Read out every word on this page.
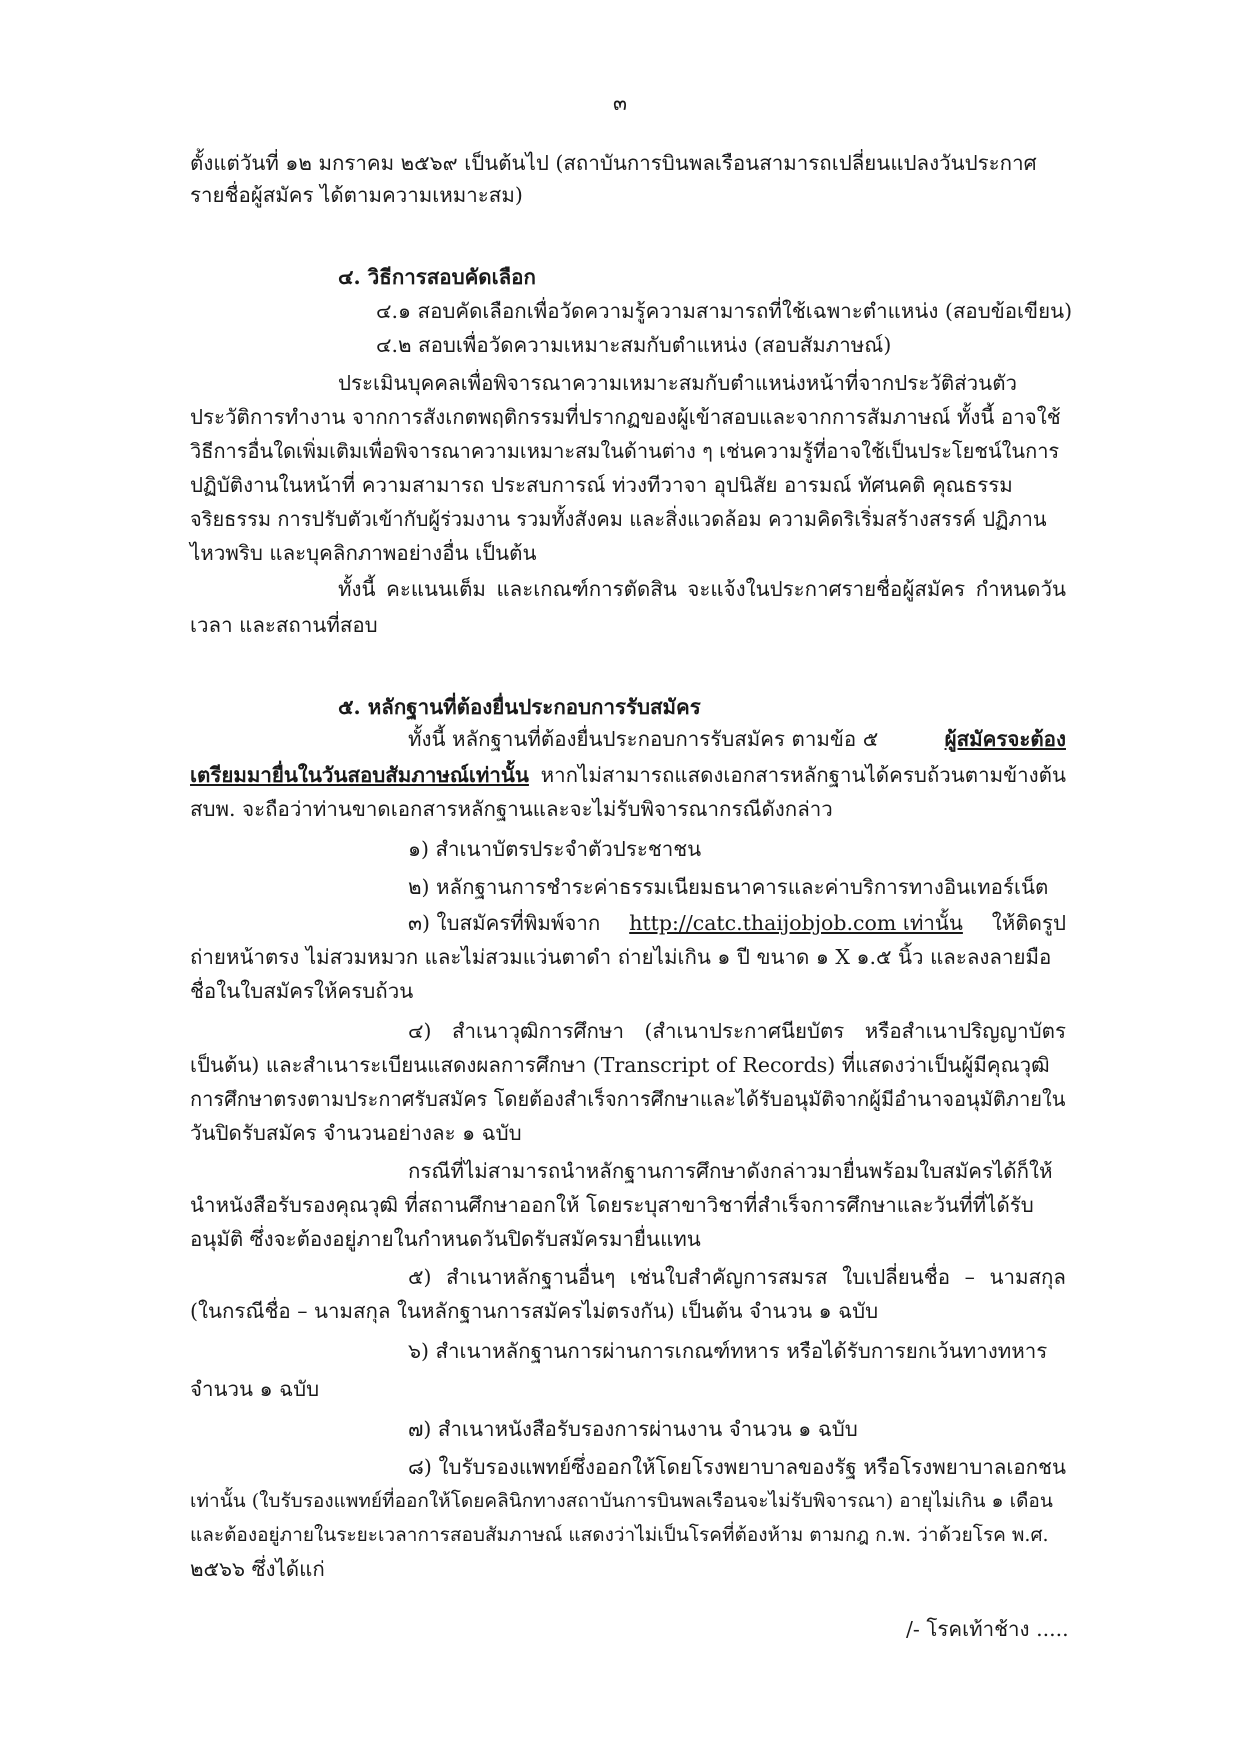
๓
ตั้งแต่วันที่ ๑๒ มกราคม ๒๕๖๙ เป็นต้นไป (สถาบันการบินพลเรือนสามารถเปลี่ยนแปลงวันประกาศ
รายชื่อผู้สมัคร ได้ตามความเหมาะสม)
๔. วิธีการสอบคัดเลือก
๔.๑ สอบคัดเลือกเพื่อวัดความรู้ความสามารถที่ใช้เฉพาะตำแหน่ง (สอบข้อเขียน)
๔.๒ สอบเพื่อวัดความเหมาะสมกับตำแหน่ง (สอบสัมภาษณ์)
ประเมินบุคคลเพื่อพิจารณาความเหมาะสมกับตำแหน่งหน้าที่จากประวัติส่วนตัว
ประวัติการทำงาน จากการสังเกตพฤติกรรมที่ปรากฏของผู้เข้าสอบและจากการสัมภาษณ์ ทั้งนี้ อาจใช้
วิธีการอื่นใดเพิ่มเติมเพื่อพิจารณาความเหมาะสมในด้านต่าง ๆ เช่นความรู้ที่อาจใช้เป็นประโยชน์ในการ
ปฏิบัติงานในหน้าที่ ความสามารถ ประสบการณ์ ท่วงทีวาจา อุปนิสัย อารมณ์ ทัศนคติ คุณธรรม
จริยธรรม การปรับตัวเข้ากับผู้ร่วมงาน รวมทั้งสังคม และสิ่งแวดล้อม ความคิดริเริ่มสร้างสรรค์ ปฏิภาน
ไหวพริบ และบุคลิกภาพอย่างอื่น เป็นต้น
ทั้งนี้ คะแนนเต็ม และเกณฑ์การตัดสิน จะแจ้งในประกาศรายชื่อผู้สมัคร กำหนดวัน
เวลา และสถานที่สอบ
๕. หลักฐานที่ต้องยื่นประกอบการรับสมัคร
ทั้งนี้ หลักฐานที่ต้องยื่นประกอบการรับสมัคร ตามข้อ ๕	ผู้สมัครจะต้อง
เตรียมมายื่นในวันสอบสัมภาษณ์เท่านั้น หากไม่สามารถแสดงเอกสารหลักฐานได้ครบถ้วนตามข้างต้น
สบพ. จะถือว่าท่านขาดเอกสารหลักฐานและจะไม่รับพิจารณากรณีดังกล่าว
๑) สำเนาบัตรประจำตัวประชาชน
๒) หลักฐานการชำระค่าธรรมเนียมธนาคารและค่าบริการทางอินเทอร์เน็ต
๓) ใบสมัครที่พิมพ์จาก http://catc.thaijobjob.com เท่านั้น ให้ติดรูป
ถ่ายหน้าตรง ไม่สวมหมวก และไม่สวมแว่นตาดำ ถ่ายไม่เกิน ๑ ปี ขนาด ๑ X ๑.๕ นิ้ว และลงลายมือ
ชื่อในใบสมัครให้ครบถ้วน
๔) สำเนาวุฒิการศึกษา (สำเนาประกาศนียบัตร หรือสำเนาปริญญาบัตร
เป็นต้น) และสำเนาระเบียนแสดงผลการศึกษา (Transcript of Records) ที่แสดงว่าเป็นผู้มีคุณวุฒิ
การศึกษาตรงตามประกาศรับสมัคร โดยต้องสำเร็จการศึกษาและได้รับอนุมัติจากผู้มีอำนาจอนุมัติภายใน
วันปิดรับสมัคร จำนวนอย่างละ ๑ ฉบับ
กรณีที่ไม่สามารถนำหลักฐานการศึกษาดังกล่าวมายื่นพร้อมใบสมัครได้ก็ให้
นำหนังสือรับรองคุณวุฒิ ที่สถานศึกษาออกให้ โดยระบุสาขาวิชาที่สำเร็จการศึกษาและวันที่ที่ได้รับ
อนุมัติ ซึ่งจะต้องอยู่ภายในกำหนดวันปิดรับสมัครมายื่นแทน
๕) สำเนาหลักฐานอื่นๆ เช่นใบสำคัญการสมรส ใบเปลี่ยนชื่อ – นามสกุล
(ในกรณีชื่อ – นามสกุล ในหลักฐานการสมัครไม่ตรงกัน) เป็นต้น จำนวน ๑ ฉบับ
๖) สำเนาหลักฐานการผ่านการเกณฑ์ทหาร หรือได้รับการยกเว้นทางทหาร
จำนวน ๑ ฉบับ
๗) สำเนาหนังสือรับรองการผ่านงาน จำนวน ๑ ฉบับ
๘) ใบรับรองแพทย์ซึ่งออกให้โดยโรงพยาบาลของรัฐ หรือโรงพยาบาลเอกชน
เท่านั้น (ใบรับรองแพทย์ที่ออกให้โดยคลินิกทางสถาบันการบินพลเรือนจะไม่รับพิจารณา) อายุไม่เกิน ๑ เดือน
และต้องอยู่ภายในระยะเวลาการสอบสัมภาษณ์ แสดงว่าไม่เป็นโรคที่ต้องห้าม ตามกฎ ก.พ. ว่าด้วยโรค พ.ศ.
๒๕๖๖ ซึ่งได้แก่
/- โรคเท้าช้าง .....
